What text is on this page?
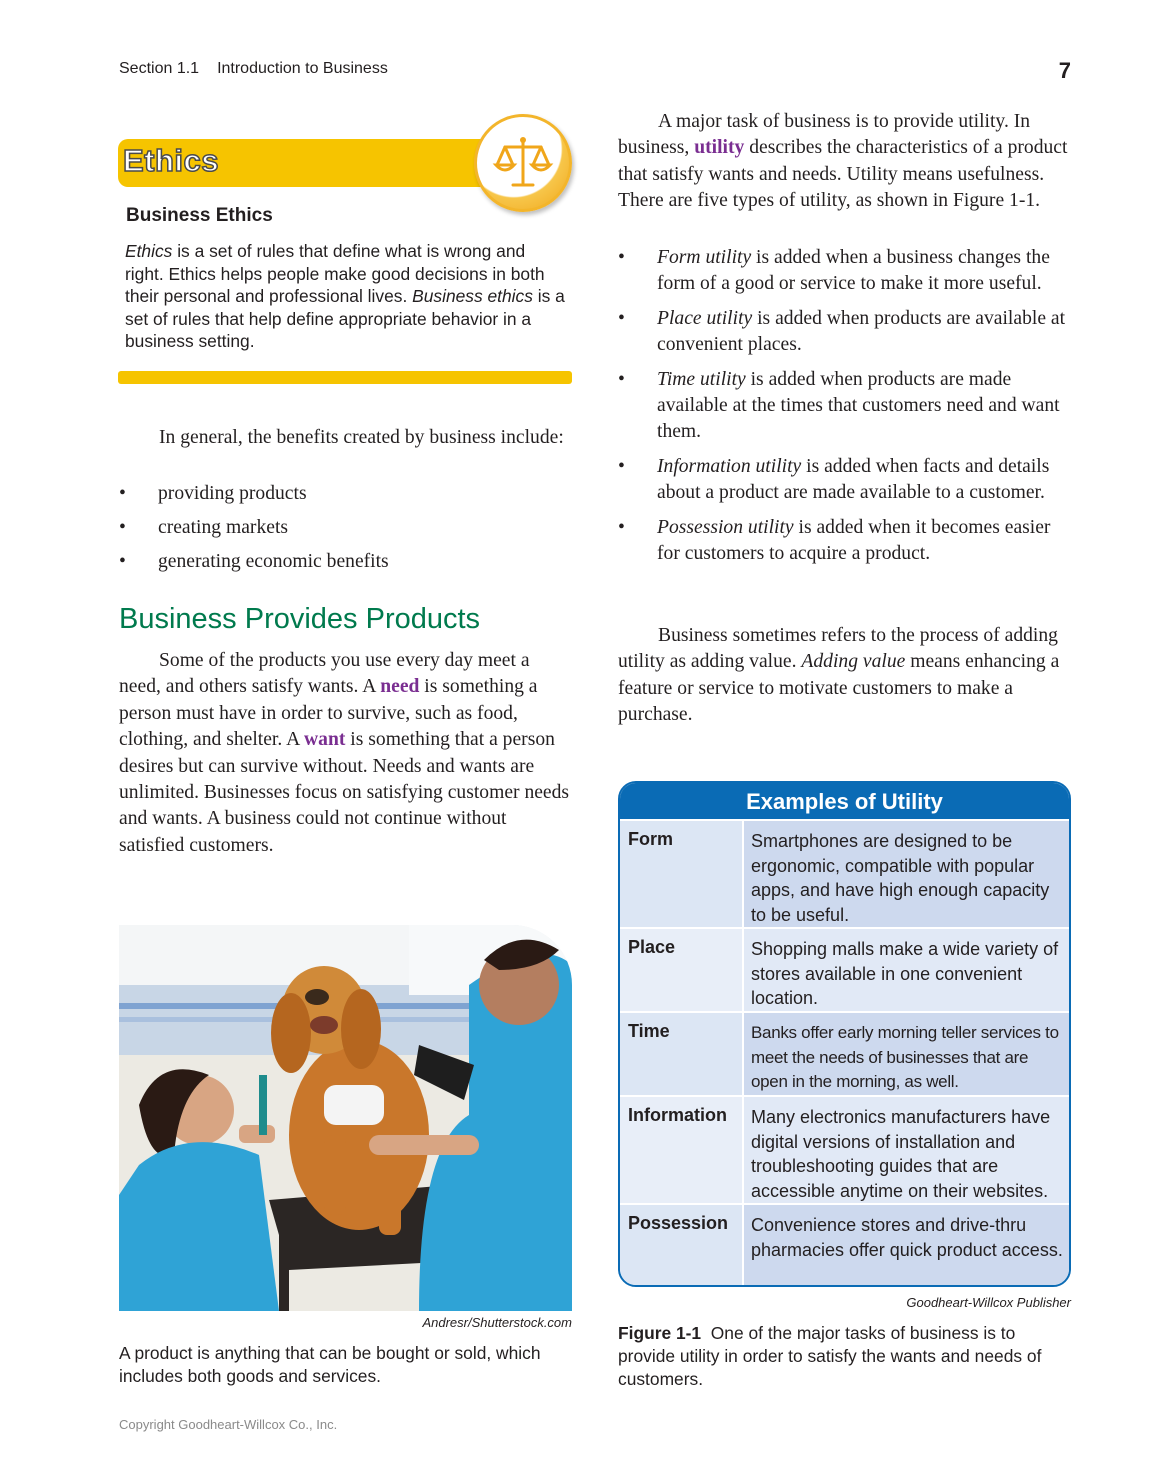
Section 1.1 Introduction to Business	7
Ethics
Business Ethics
Ethics is a set of rules that define what is wrong and right. Ethics helps people make good decisions in both their personal and professional lives. Business ethics is a set of rules that help define appropriate behavior in a business setting.

In general, the benefits created by business include:

• providing products
• creating markets
• generating economic benefits
Business Provides Products

Some of the products you use every day meet a need, and others satisfy wants. A need is something a person must have in order to survive, such as food, clothing, and shelter. A want is something that a person desires but can survive without. Needs and wants are unlimited. Businesses focus on satisfying customer needs and wants. A business could not continue without satisfied customers.

Andresr/Shutterstock.com
A product is anything that can be bought or sold, which includes both goods and services.

A major task of business is to provide utility. In business, utility describes the characteristics of a product that satisfy wants and needs. Utility means usefulness. There are five types of utility, as shown in Figure 1-1.

• Form utility is added when a business changes the form of a good or service to make it more useful.
• Place utility is added when products are available at convenient places.
• Time utility is added when products are made available at the times that customers need and want them.
• Information utility is added when facts and details about a product are made available to a customer.
• Possession utility is added when it becomes easier for customers to acquire a product.

Business sometimes refers to the process of adding utility as adding value. Adding value means enhancing a feature or service to motivate customers to make a purchase.

Examples of Utility
Form	Smartphones are designed to be ergonomic, compatible with popular apps, and have high enough capacity to be useful.
Place	Shopping malls make a wide variety of stores available in one convenient location.
Time	Banks offer early morning teller services to meet the needs of businesses that are open in the morning, as well.
Information	Many electronics manufacturers have digital versions of installation and troubleshooting guides that are accessible anytime on their websites.
Possession	Convenience stores and drive-thru pharmacies offer quick product access.
Goodheart-Willcox Publisher
Figure 1-1 One of the major tasks of business is to provide utility in order to satisfy the wants and needs of customers.
Copyright Goodheart-Willcox Co., Inc.
